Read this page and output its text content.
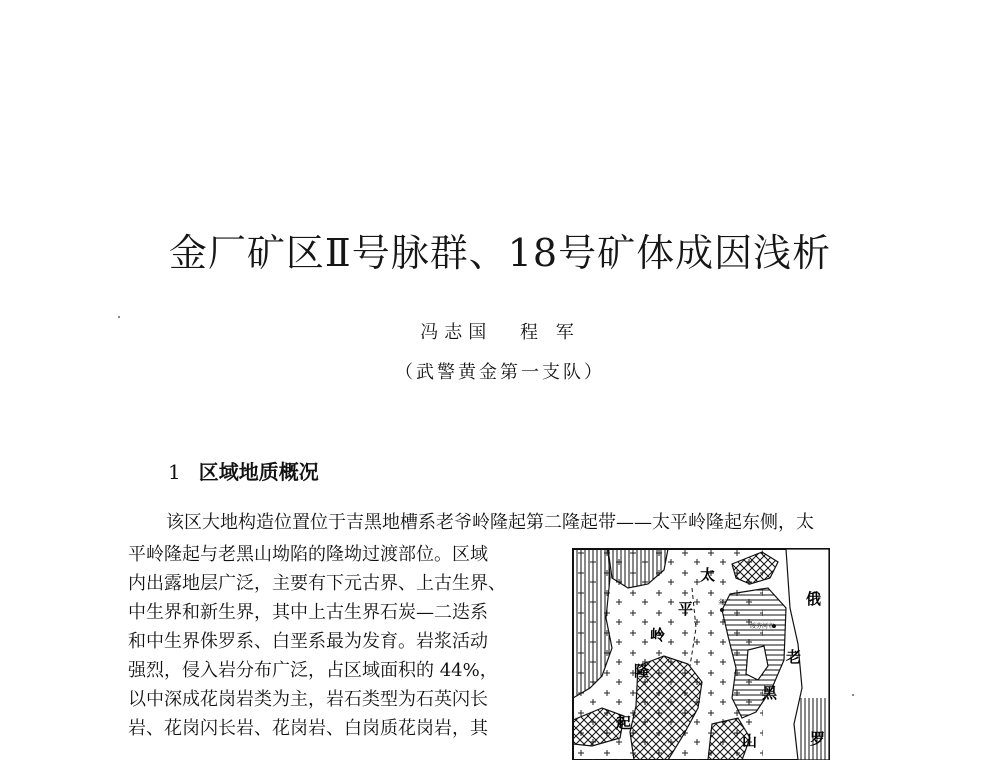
金厂矿区Ⅱ号脉群、18号矿体成因浅析
冯志国 程 军
（武警黄金第一支队）
1 区域地质概况
该区大地构造位置位于吉黑地槽系老爷岭隆起第二隆起带——太平岭隆起东侧，太
平岭隆起与老黑山坳陷的隆坳过渡部位。区域
内出露地层广泛，主要有下元古界、上古生界、
中生界和新生界，其中上古生界石炭—二迭系
和中生界侏罗系、白垩系最为发育。岩浆活动
强烈，侵入岩分布广泛，占区域面积的 44%，
以中深成花岗岩类为主，岩石类型为石英闪长
岩、花岗闪长岩、花岗岩、白岗质花岗岩，其
太
平
岭
隆
起
俄
老
黑
山	罗
金厂
绥芬河市
